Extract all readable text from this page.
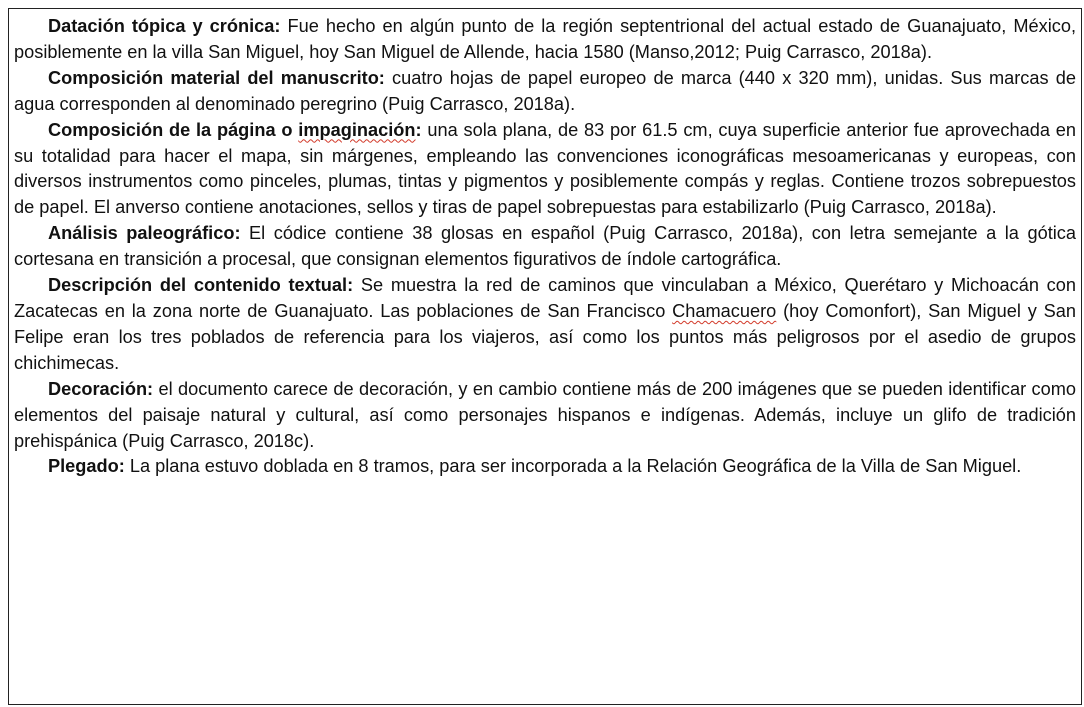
Datación tópica y crónica: Fue hecho en algún punto de la región septentrional del actual estado de Guanajuato, México, posiblemente en la villa San Miguel, hoy San Miguel de Allende, hacia 1580 (Manso,2012; Puig Carrasco, 2018a).

Composición material del manuscrito: cuatro hojas de papel europeo de marca (440 x 320 mm), unidas. Sus marcas de agua corresponden al denominado peregrino (Puig Carrasco, 2018a).

Composición de la página o impaginación: una sola plana, de 83 por 61.5 cm, cuya superficie anterior fue aprovechada en su totalidad para hacer el mapa, sin márgenes, empleando las convenciones iconográficas mesoamericanas y europeas, con diversos instrumentos como pinceles, plumas, tintas y pigmentos y posiblemente compás y reglas. Contiene trozos sobrepuestos de papel. El anverso contiene anotaciones, sellos y tiras de papel sobrepuestas para estabilizarlo (Puig Carrasco, 2018a).

Análisis paleográfico: El códice contiene 38 glosas en español (Puig Carrasco, 2018a), con letra semejante a la gótica cortesana en transición a procesal, que consignan elementos figurativos de índole cartográfica.

Descripción del contenido textual: Se muestra la red de caminos que vinculaban a México, Querétaro y Michoacán con Zacatecas en la zona norte de Guanajuato. Las poblaciones de San Francisco Chamacuero (hoy Comonfort), San Miguel y San Felipe eran los tres poblados de referencia para los viajeros, así como los puntos más peligrosos por el asedio de grupos chichimecas.

Decoración: el documento carece de decoración, y en cambio contiene más de 200 imágenes que se pueden identificar como elementos del paisaje natural y cultural, así como personajes hispanos e indígenas. Además, incluye un glifo de tradición prehispánica (Puig Carrasco, 2018c).

Plegado: La plana estuvo doblada en 8 tramos, para ser incorporada a la Relación Geográfica de la Villa de San Miguel.
